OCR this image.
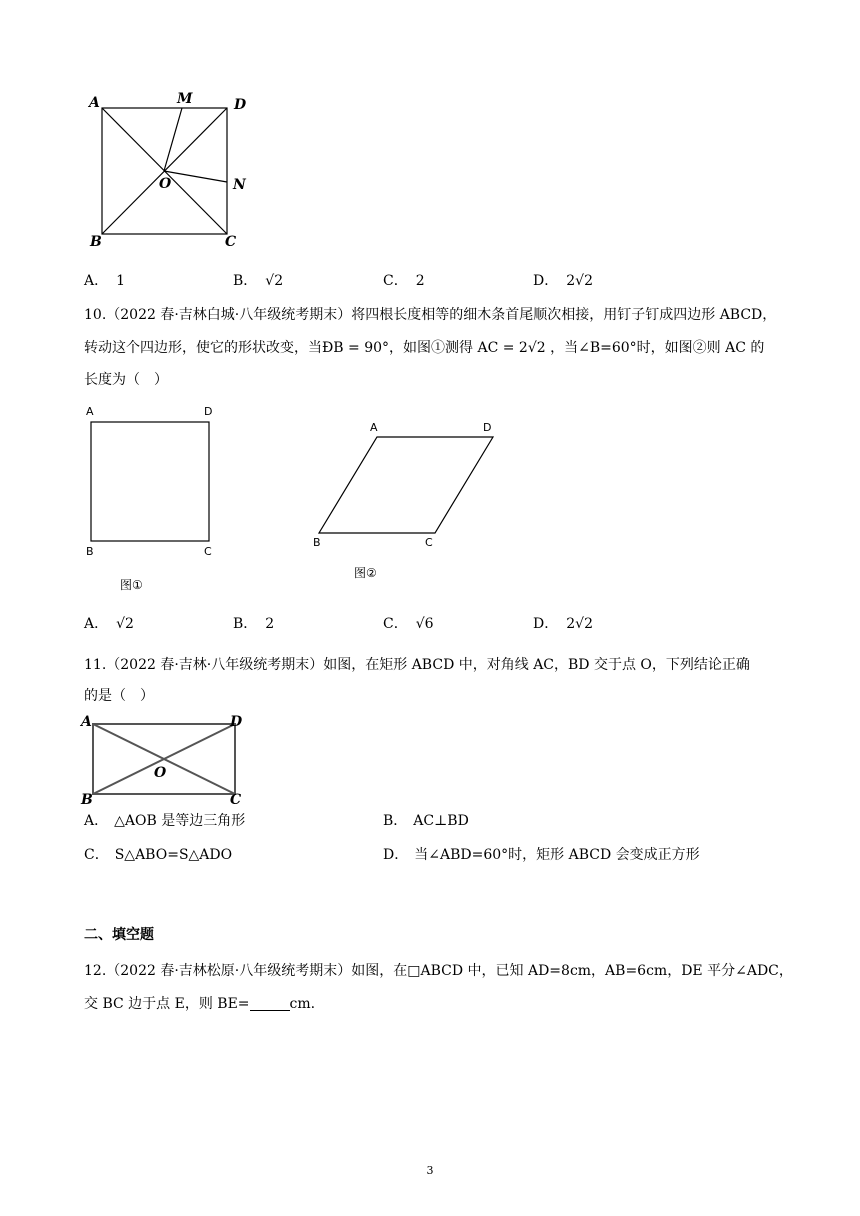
A	M	D
O	N
B	C
A． 1	B． √2	C． 2	D． 2√2
10.（2022 春·吉林白城·八年级统考期末）将四根长度相等的细木条首尾顺次相接，用钉子钉成四边形 ABCD，
转动这个四边形，使它的形状改变，当ÐB = 90°，如图①测得 AC = 2√2 ，当∠B=60°时，如图②则 AC 的
长度为（　）
A	D
B	C
图①
A	D
B	C
图②
A． √2	B． 2	C． √6	D． 2√2
11.（2022 春·吉林·八年级统考期末）如图，在矩形 ABCD 中，对角线 AC，BD 交于点 O，下列结论正确
的是（　）
A	D
O
B	C
A． △AOB 是等边三角形	B． AC⊥BD
C． S△ABO=S△ADO	D． 当∠ABD=60°时，矩形 ABCD 会变成正方形
二、填空题
12.（2022 春·吉林松原·八年级统考期末）如图，在□ABCD 中，已知 AD=8cm，AB=6cm，DE 平分∠ADC，
交 BC 边于点 E，则 BE=	cm.
3
